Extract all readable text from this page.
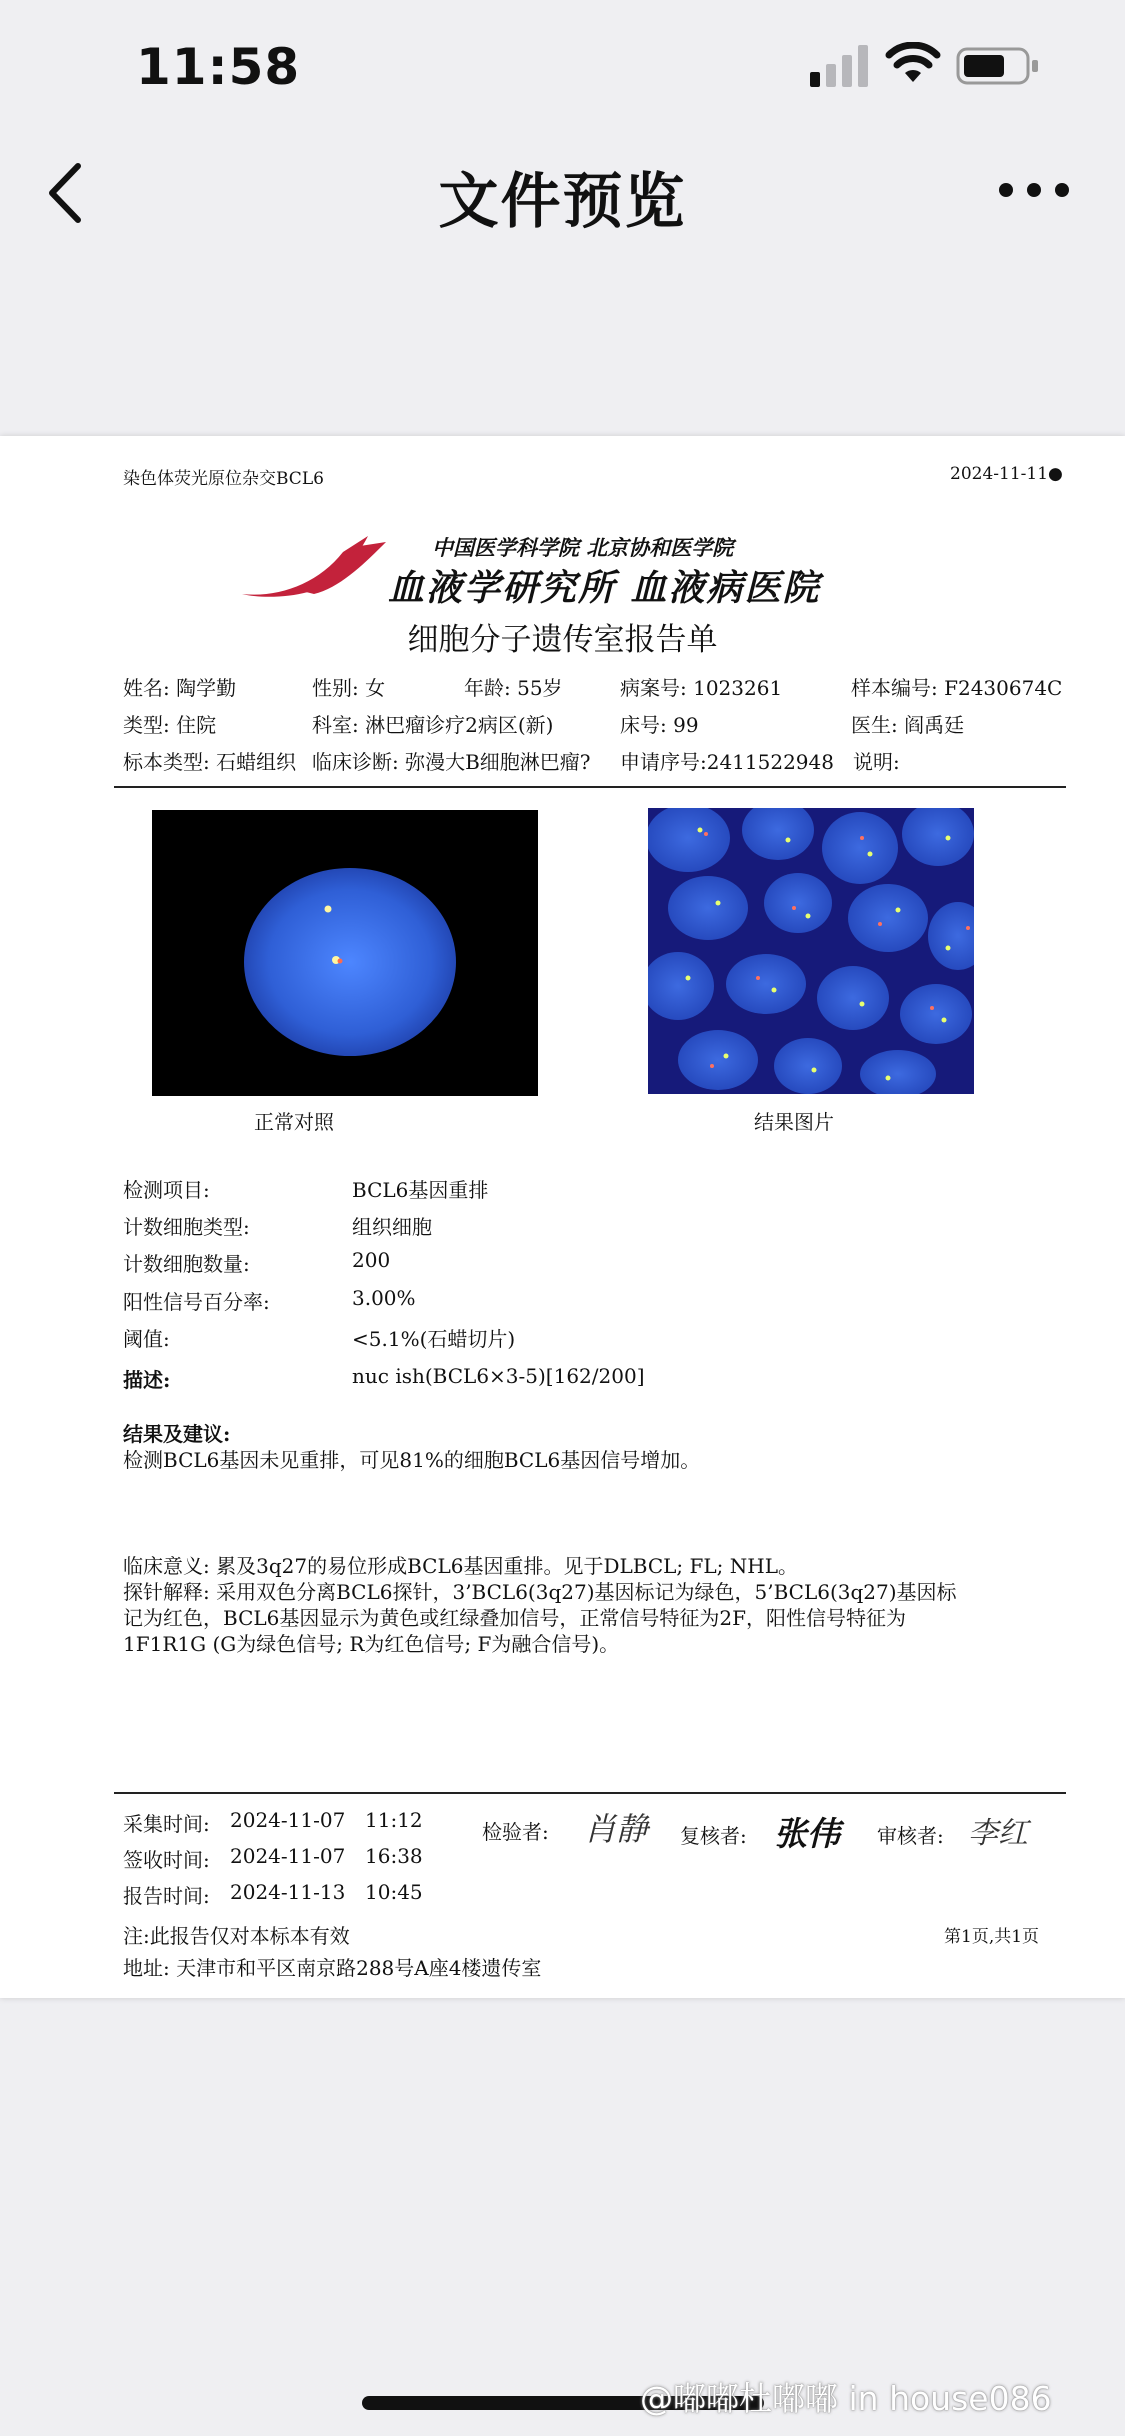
11:58
文件预览
染色体荧光原位杂交BCL6	2024-11-11●
中国医学科学院 北京协和医学院
血液学研究所 血液病医院
细胞分子遗传室报告单
姓名: 陶学勤	性别: 女	年龄: 55岁	病案号: 1023261	样本编号: F2430674C
类型: 住院	科室: 淋巴瘤诊疗2病区(新)	床号: 99	医生: 阎禹廷
标本类型: 石蜡组织 临床诊断: 弥漫大B细胞淋巴瘤? 申请序号:2411522948 说明:
正常对照	结果图片
检测项目:	BCL6基因重排
计数细胞类型:	组织细胞
计数细胞数量:	200
阳性信号百分率:	3.00%
阈值:	<5.1%(石蜡切片)
描述:	nuc ish(BCL6×3-5)[162/200]
结果及建议:
检测BCL6基因未见重排，可见81%的细胞BCL6基因信号增加。
临床意义: 累及3q27的易位形成BCL6基因重排。见于DLBCL; FL; NHL。
探针解释: 采用双色分离BCL6探针，3’BCL6(3q27)基因标记为绿色，5’BCL6(3q27)基因标
记为红色，BCL6基因显示为黄色或红绿叠加信号，正常信号特征为2F，阳性信号特征为
1F1R1G (G为绿色信号; R为红色信号; F为融合信号)。
采集时间: 2024-11-07 11:12
签收时间: 2024-11-07 16:38
报告时间: 2024-11-13 10:45
检验者: 肖静 复核者: 张伟 审核者: 李红
注:此报告仅对本标本有效	第1页,共1页
地址: 天津市和平区南京路288号A座4楼遗传室
@嘟嘟杜嘟嘟 in house086
